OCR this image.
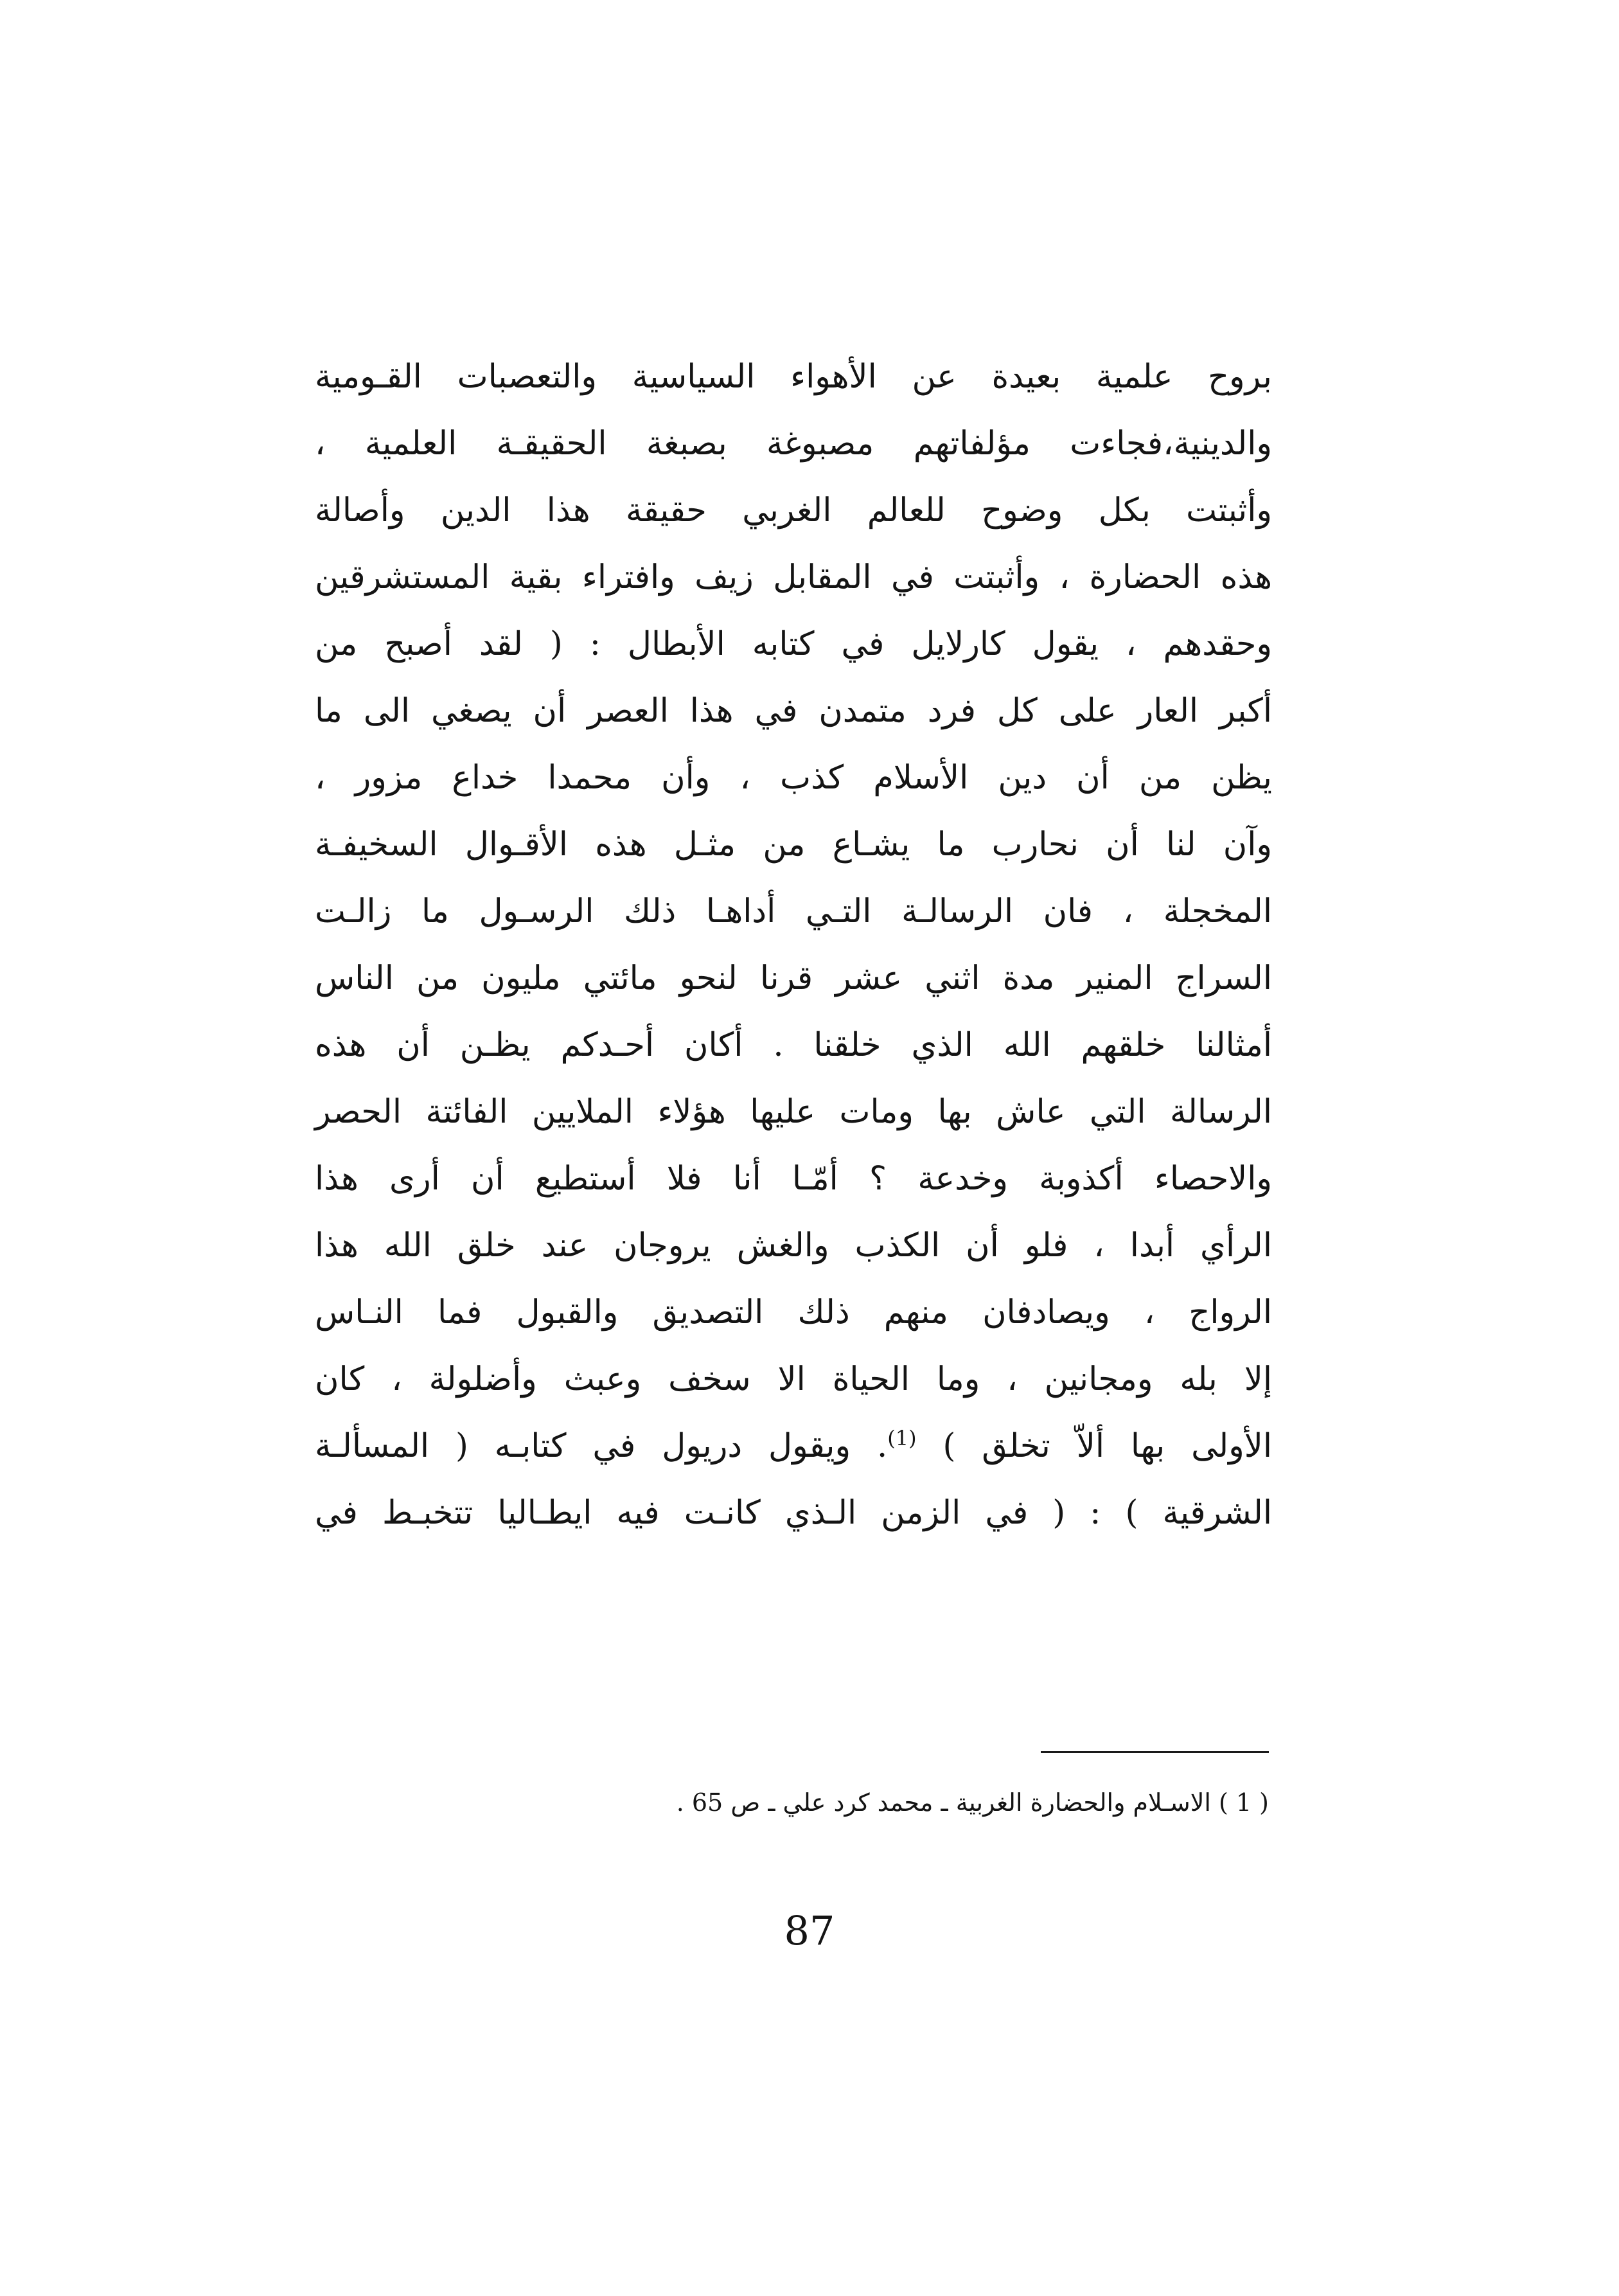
بروح علمية بعيدة عن الأهواء السياسية والتعصبات القـومية
والدينية،فجاءت مؤلفاتهم مصبوغة بصبغة الحقيقـة العلمية ،
وأثبتت بكل وضوح للعالم الغربي حقيقة هذا الدين وأصالة
هذه الحضارة ، وأثبتت في المقابل زيف وافتراء بقية المستشرقين
وحقدهم ، يقول كارلايل في كتابه الأبطال : ( لقد أصبح من
أكبر العار على كل فرد متمدن في هذا العصر أن يصغي الى ما
يظن من أن دين الأسلام كذب ، وأن محمدا خداع مزور ،
وآن لنا أن نحارب ما يشـاع من مثـل هذه الأقـوال السخيفـة
المخجلة ، فان الرسالـة التـي أداهـا ذلك الرسـول ما زالـت
السراج المنير مدة اثني عشر قرنا لنحو مائتي مليون من الناس
أمثالنا خلقهم الله الذي خلقنا . أكان أحـدكم يظـن أن هذه
الرسالة التي عاش بها ومات عليها هؤلاء الملايين الفائتة الحصر
والاحصاء أكذوبة وخدعة ؟ أمّـا أنا فلا أستطيع أن أرى هذا
الرأي أبدا ، فلو أن الكذب والغش يروجان عند خلق الله هذا
الرواج ، ويصادفان منهم ذلك التصديق والقبول فما النـاس
إلا بله ومجانين ، وما الحياة الا سخف وعبث وأضلولة ، كان
الأولى بها ألاّ تخلق ) $^{(1)}$. ويقول دريول في كتابـه ( المسألـة
الشرقية ) : ( في الزمن الـذي كانـت فيه ايطـاليا تتخبـط في
( 1 ) الاسـلام والحضارة الغربية ـ محمد كرد علي ـ ص 65 .
87
